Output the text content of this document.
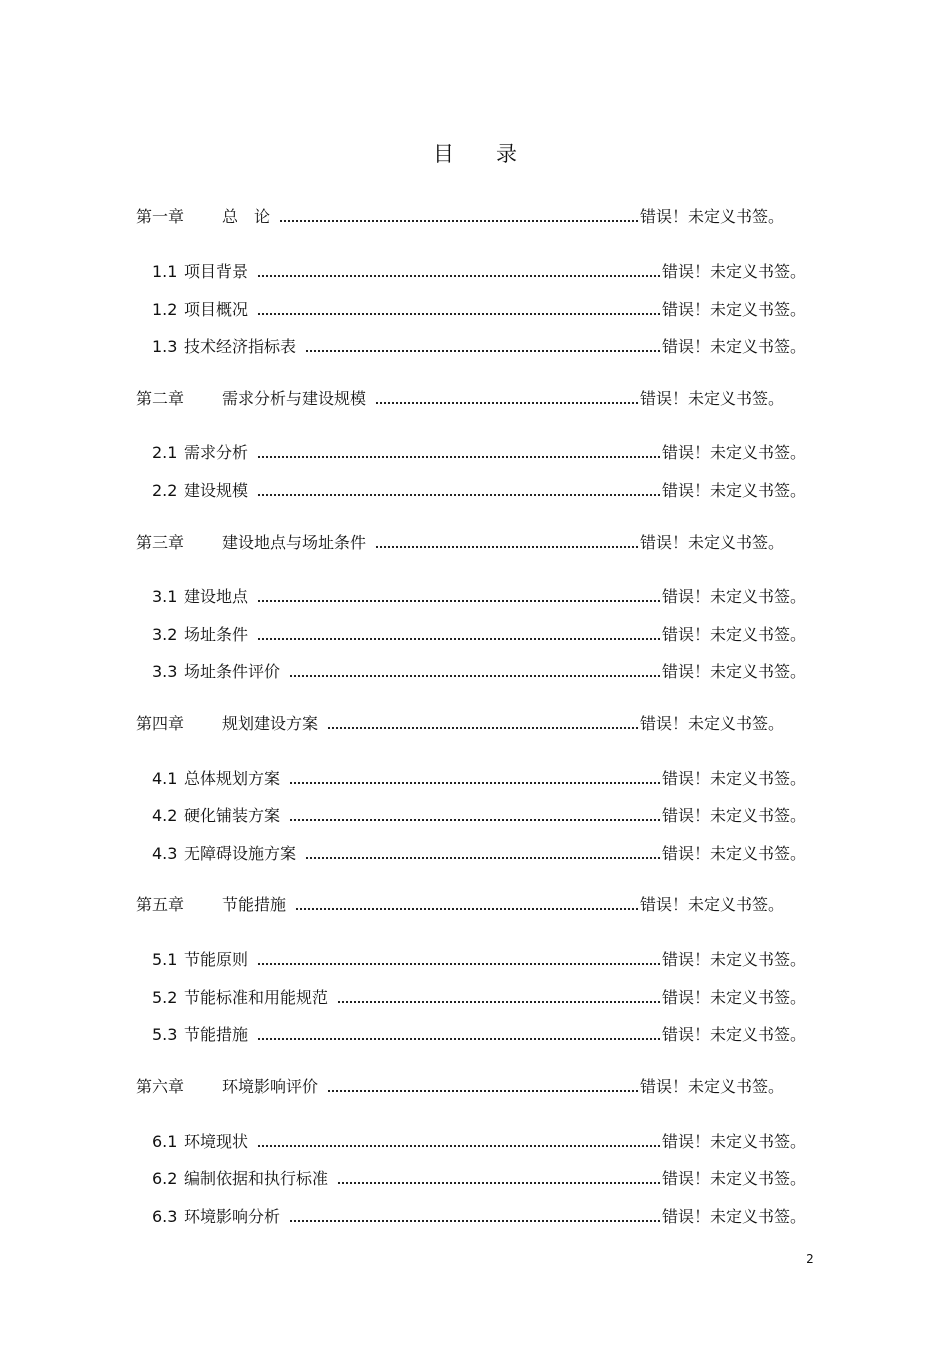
目录
第一章	总　论	错误！未定义书签。
1.1 项目背景	错误！未定义书签。
1.2 项目概况	错误！未定义书签。
1.3 技术经济指标表	错误！未定义书签。
第二章	需求分析与建设规模	错误！未定义书签。
2.1 需求分析	错误！未定义书签。
2.2 建设规模	错误！未定义书签。
第三章	建设地点与场址条件	错误！未定义书签。
3.1 建设地点	错误！未定义书签。
3.2 场址条件	错误！未定义书签。
3.3 场址条件评价	错误！未定义书签。
第四章	规划建设方案	错误！未定义书签。
4.1 总体规划方案	错误！未定义书签。
4.2 硬化铺装方案	错误！未定义书签。
4.3 无障碍设施方案	错误！未定义书签。
第五章	节能措施	错误！未定义书签。
5.1 节能原则	错误！未定义书签。
5.2 节能标准和用能规范	错误！未定义书签。
5.3 节能措施	错误！未定义书签。
第六章	环境影响评价	错误！未定义书签。
6.1 环境现状	错误！未定义书签。
6.2 编制依据和执行标准	错误！未定义书签。
6.3 环境影响分析	错误！未定义书签。
2
